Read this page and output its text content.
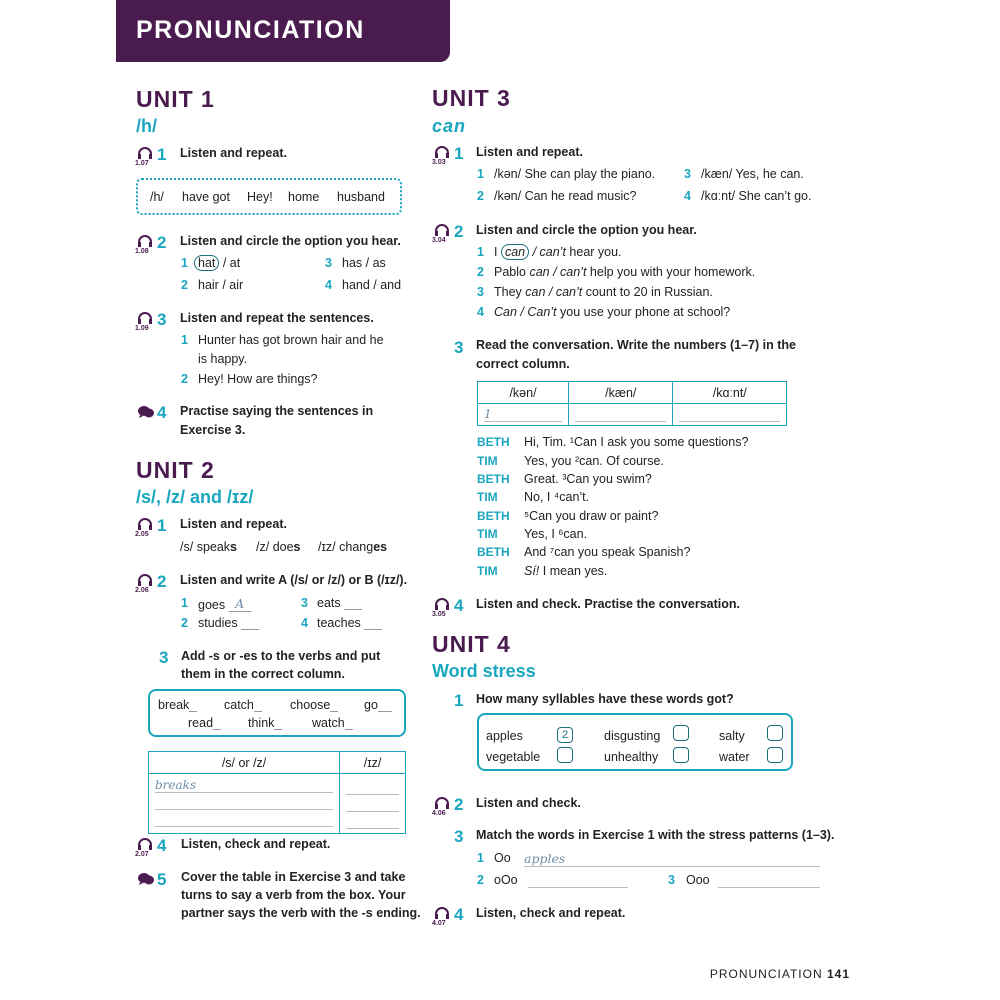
PRONUNCIATION
UNIT 1
/h/
1.07 1 Listen and repeat.
/h/ have got Hey! home husband
1.08 2 Listen and circle the option you hear.
1 hat / at	3 has / as
2 hair / air	4 hand / and
1.09 3 Listen and repeat the sentences.
1 Hunter has got brown hair and he
is happy.
2 Hey! How are things?
4 Practise saying the sentences in
Exercise 3.
UNIT 2
/s/, /z/ and /ɪz/
2.05 1 Listen and repeat.
/s/ speaks /z/ does /ɪz/ changes
2.06 2 Listen and write A (/s/ or /z/) or B (/ɪz/).
1 goes A	3 eats
2 studies	4 teaches
3 Add -s or -es to the verbs and put
them in the correct column.
break	catch	choose	go
read	think	watch
/s/ or /z/	/ɪz/

breaks	

2.07 4 Listen, check and repeat.
5 Cover the table in Exercise 3 and take
turns to say a verb from the box. Your
partner says the verb with the -s ending.
UNIT 3
can
3.03 1 Listen and repeat.
1 /kən/ She can play the piano. 3 /kæn/ Yes, he can.
2 /kən/ Can he read music?	4 /kɑːnt/ She can’t go.
3.04 2 Listen and circle the option you hear.
1 I can / can’t hear you.
2 Pablo can / can’t help you with your homework.
3 They can / can’t count to 20 in Russian.
4 Can / Can’t you use your phone at school?
3 Read the conversation. Write the numbers (1–7) in the
correct column.
/kən/	/kæn/	/kɑːnt/

1		

BETH Hi, Tim. ¹Can I ask you some questions?
TIM Yes, you ²can. Of course.
BETH Great. ³Can you swim?
TIM No, I ⁴can’t.
BETH ⁵Can you draw or paint?
TIM Yes, I ⁶can.
BETH And ⁷can you speak Spanish?
TIM Sí! I mean yes.
3.05 4 Listen and check. Practise the conversation.
UNIT 4
Word stress
1 How many syllables have these words got?
apples	2	disgusting	salty
vegetable	unhealthy	water
4.06 2 Listen and check.
3 Match the words in Exercise 1 with the stress patterns (1–3).
1 Oo apples
2 oOo	3 Ooo
4.07 4 Listen, check and repeat.
PRONUNCIATION 141
